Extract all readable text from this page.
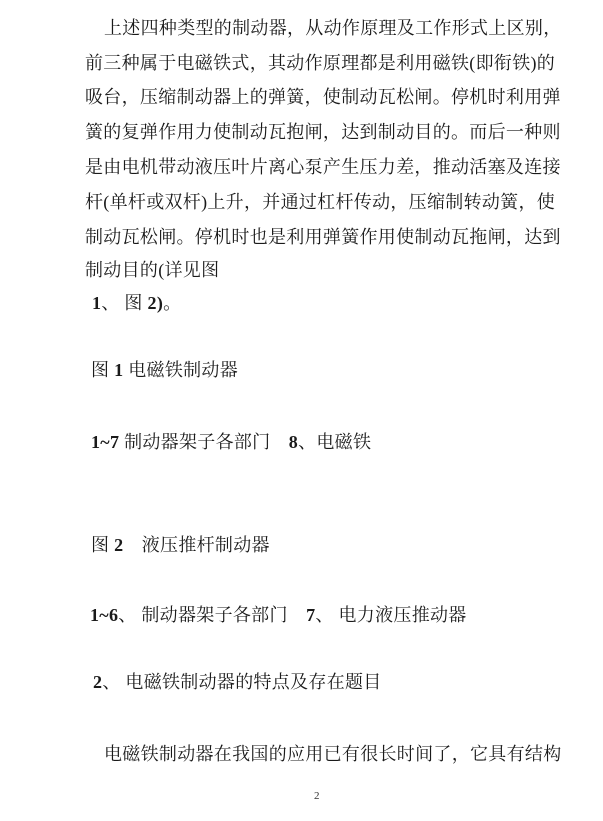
上述四种类型的制动器，从动作原理及工作形式上区别，
前三种属于电磁铁式，其动作原理都是利用磁铁(即衔铁)的
吸台，压缩制动器上的弹簧，使制动瓦松闸。停机时利用弹
簧的复弹作用力使制动瓦抱闸，达到制动目的。而后一种则
是由电机带动液压叶片离心泵产生压力差，推动活塞及连接
杆(单杆或双杆)上升，并通过杠杆传动，压缩制转动簧，使
制动瓦松闸。停机时也是利用弹簧作用使制动瓦拖闸，达到
制动目的(详见图
1、 图 2)。
图 1 电磁铁制动器
1~7 制动器架子各部门　8、电磁铁
图 2　液压推杆制动器
1~6、 制动器架子各部门　7、 电力液压推动器
2、 电磁铁制动器的特点及存在题目
电磁铁制动器在我国的应用已有很长时间了，它具有结构
2
